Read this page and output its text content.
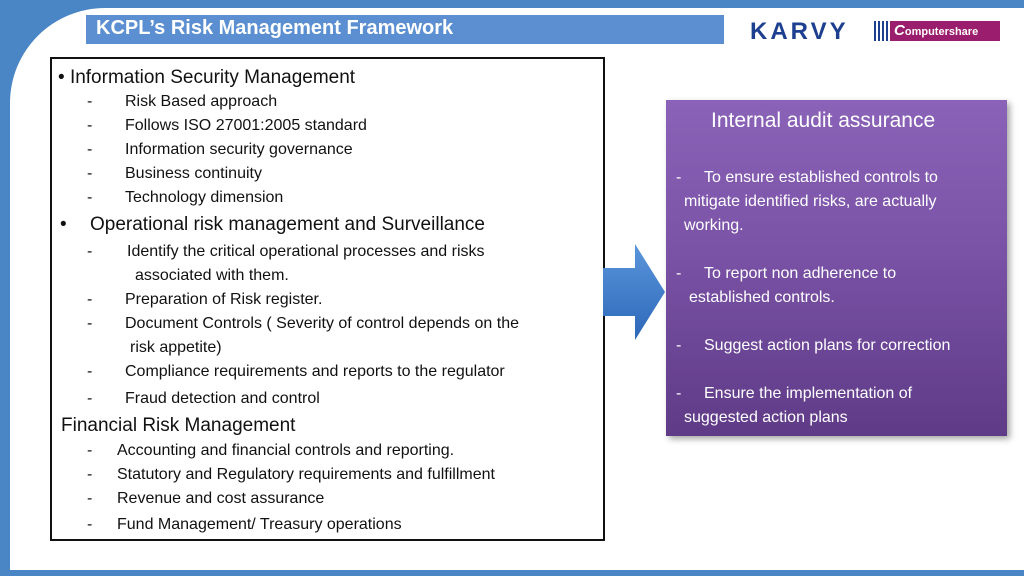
KCPL’s Risk Management Framework	KARVY	Computershare
• Information Security Management
- Risk Based approach
- Follows ISO 27001:2005 standard
- Information security governance
- Business continuity
- Technology dimension
• Operational risk management and Surveillance
- Identify the critical operational processes and risks
associated with them.
- Preparation of Risk register.
- Document Controls ( Severity of control depends on the
risk appetite)
- Compliance requirements and reports to the regulator
- Fraud detection and control
Financial Risk Management
- Accounting and financial controls and reporting.
- Statutory and Regulatory requirements and fulfillment
- Revenue and cost assurance
- Fund Management/ Treasury operations
Internal audit assurance
- To ensure established controls to
mitigate identified risks, are actually
working.
- To report non adherence to
established controls.
- Suggest action plans for correction
- Ensure the implementation of
suggested action plans
4
